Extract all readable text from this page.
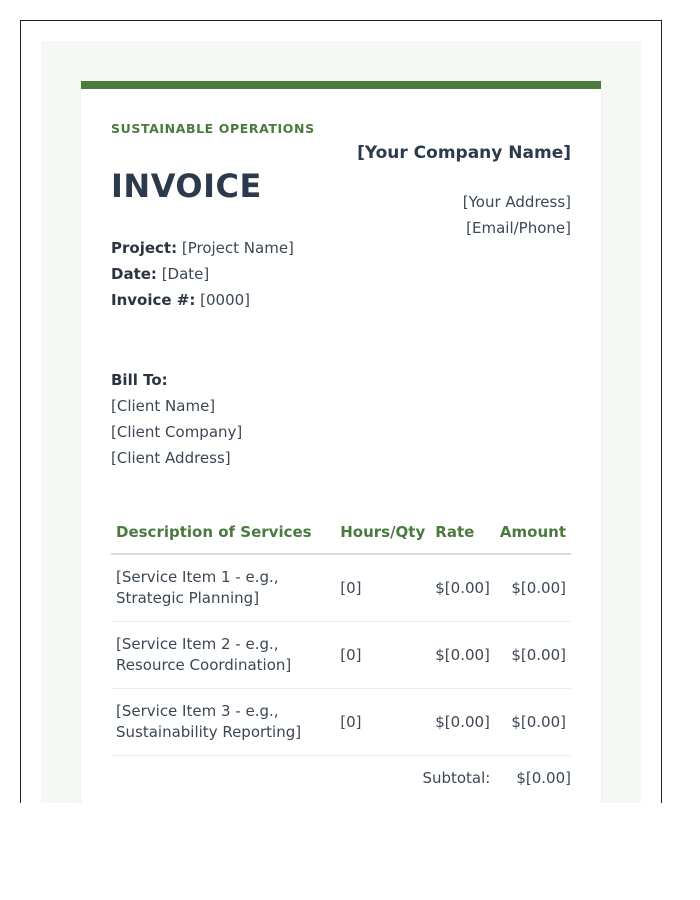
SUSTAINABLE OPERATIONS
[Your Company Name]
INVOICE	[Your Address]
[Email/Phone]
Project: [Project Name]
Date: [Date]
Invoice #: [0000]
Bill To:
[Client Name]
[Client Company]
[Client Address]
Description of Services	Hours/Qty	Rate	Amount
[Service Item 1 - e.g., Strategic Planning]	[0]	$[0.00]	$[0.00]
[Service Item 2 - e.g., Resource Coordination]	[0]	$[0.00]	$[0.00]
[Service Item 3 - e.g., Sustainability Reporting]	[0]	$[0.00]	$[0.00]
Subtotal: $[0.00]
